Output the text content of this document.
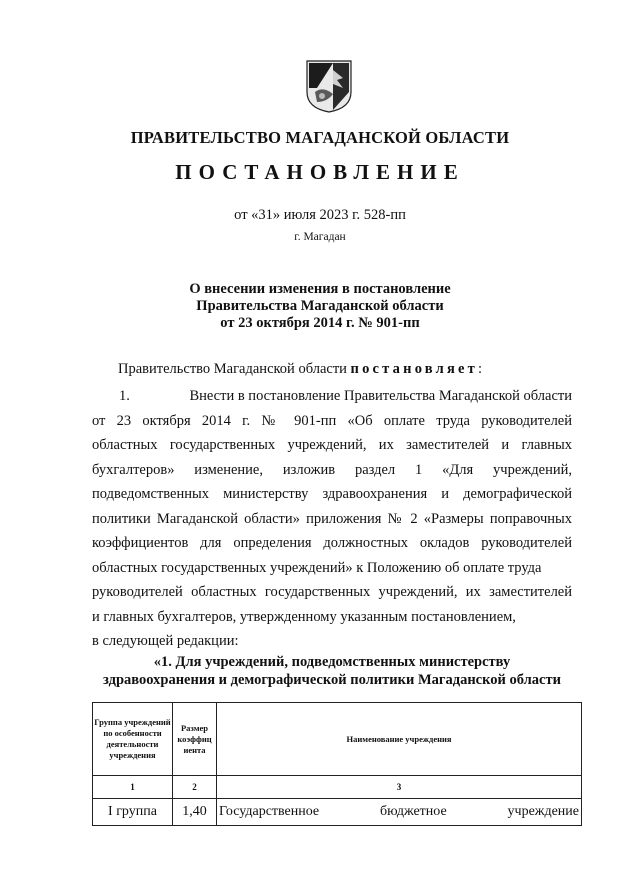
ПРАВИТЕЛЬСТВО МАГАДАНСКОЙ ОБЛАСТИ
ПОСТАНОВЛЕНИЕ
от «31» июля 2023 г. 528-пп
г. Магадан
О внесении изменения в постановление
Правительства Магаданской области
от 23 октября 2014 г. № 901-пп
Правительство Магаданской области постановляет:
1.	Внести в постановление Правительства Магаданской области
от 23 октября 2014 г. № 901-пп «Об оплате труда руководителей
областных государственных учреждений, их заместителей и главных
бухгалтеров» изменение, изложив раздел 1 «Для учреждений,
подведомственных министерству здравоохранения и демографической
политики Магаданской области» приложения № 2 «Размеры поправочных
коэффициентов для определения должностных окладов руководителей
областных государственных учреждений» к Положению об оплате труда
руководителей областных государственных учреждений, их заместителей
и главных бухгалтеров, утвержденному указанным постановлением,
в следующей редакции:
«1. Для учреждений, подведомственных министерству
здравоохранения и демографической политики Магаданской области
Группа учреждений по особенности деятельности учреждения	Размер коэффиц иента	Наименование учреждения
1	2	3
I группа	1,40	Государственное бюджетное учреждение
